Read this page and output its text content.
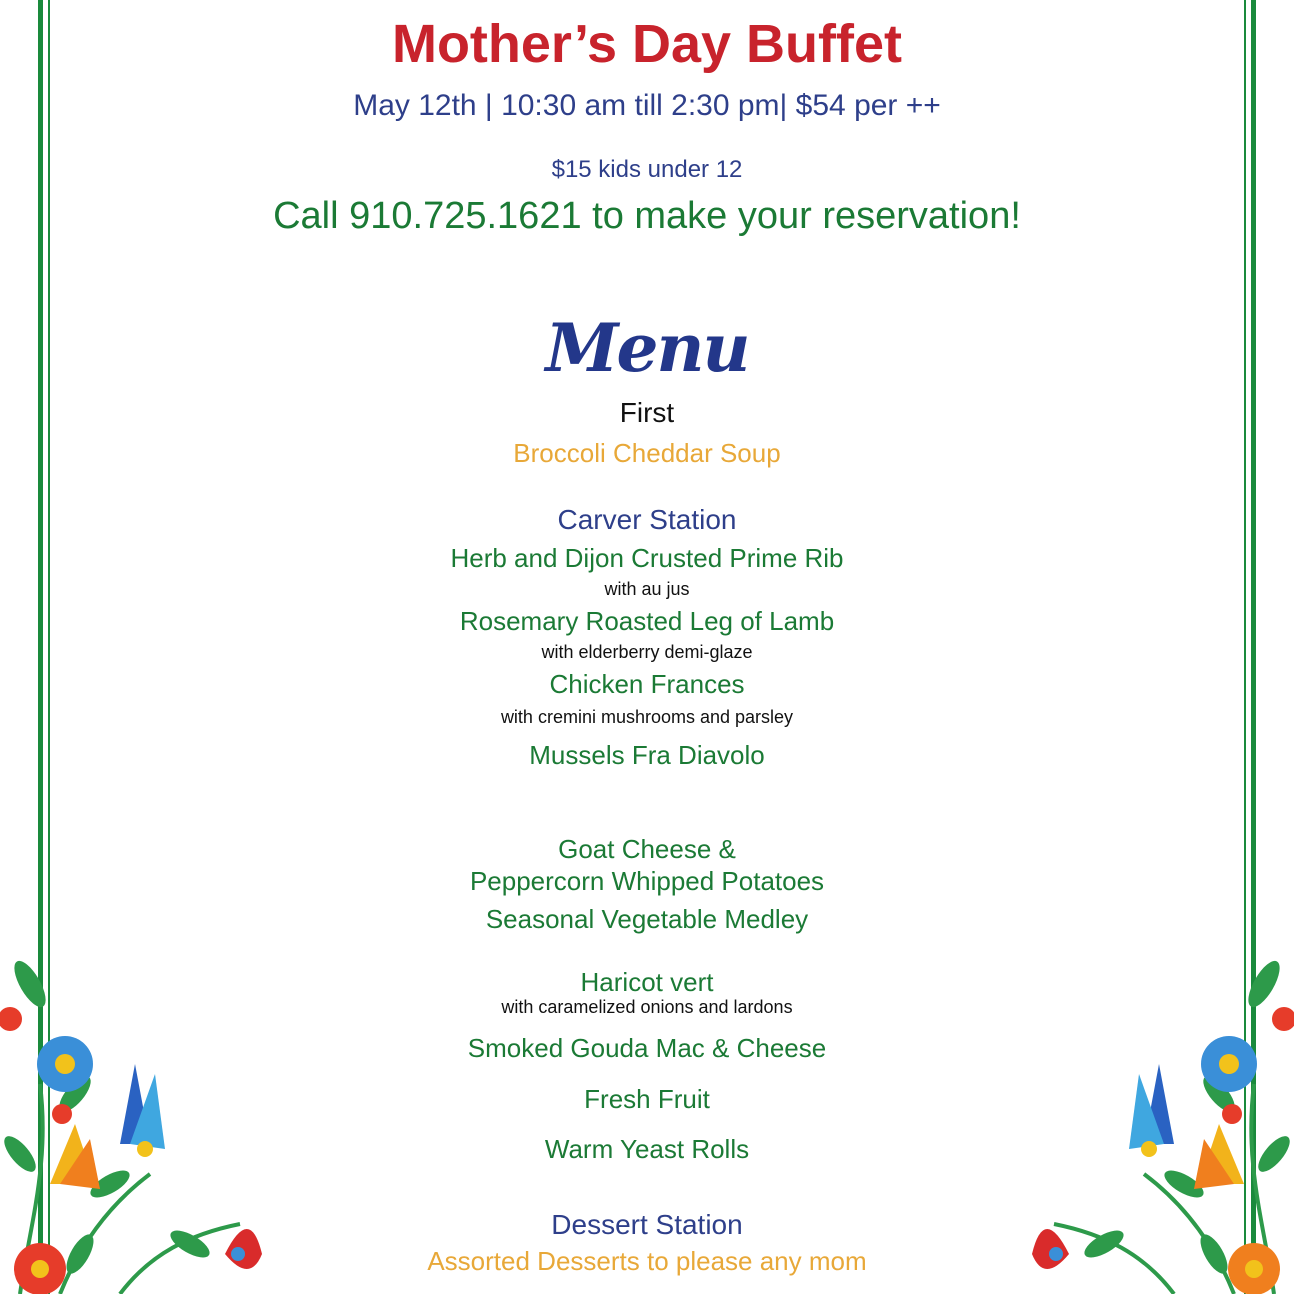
Mother’s Day Buffet
May 12th | 10:30 am till 2:30 pm| $54 per ++
$15 kids under 12
Call 910.725.1621 to make your reservation!
Menu
First
Broccoli Cheddar Soup
Carver Station
Herb and Dijon Crusted Prime Rib
with au jus
Rosemary Roasted Leg of Lamb
with elderberry demi-glaze
Chicken Frances
with cremini mushrooms and parsley
Mussels Fra Diavolo
Goat Cheese &
Peppercorn Whipped Potatoes
Seasonal Vegetable Medley
Haricot vert
with caramelized onions and lardons
Smoked Gouda Mac & Cheese
Fresh Fruit
Warm Yeast Rolls
Dessert Station
Assorted Desserts to please any mom
